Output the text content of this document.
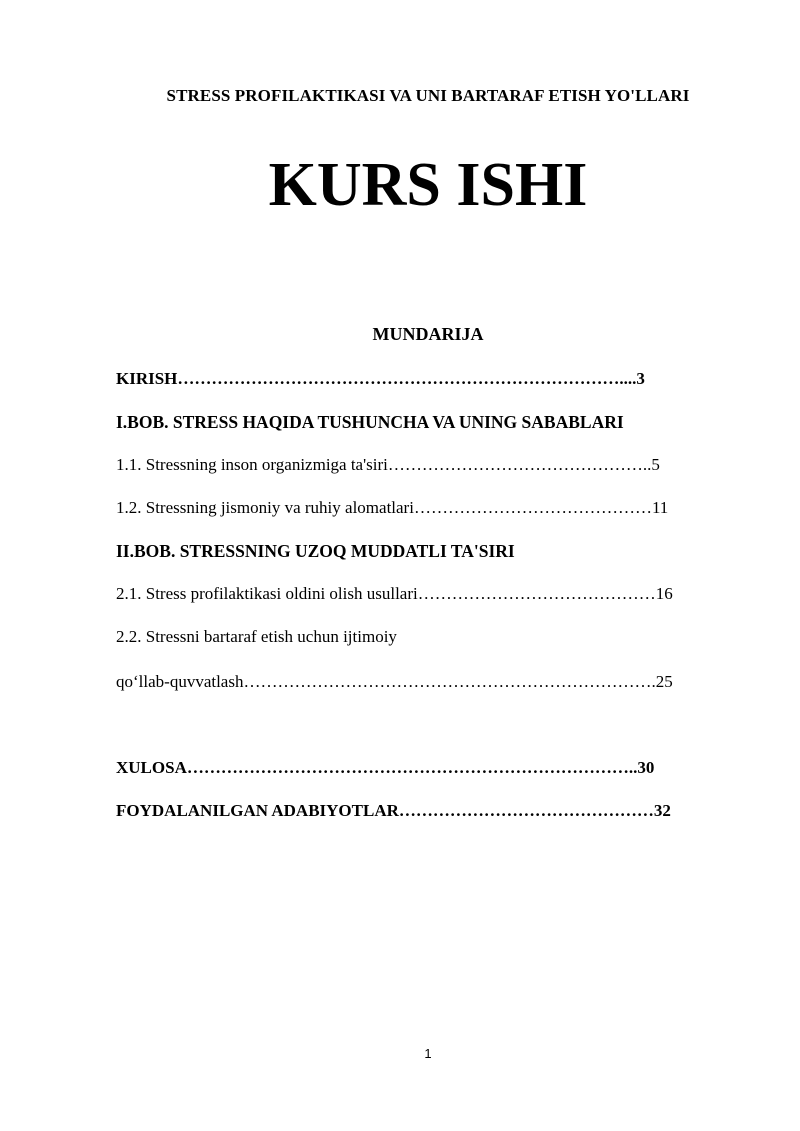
STRESS PROFILAKTIKASI VA UNI BARTARAF ETISH YO'LLARI
KURS ISHI
MUNDARIJA
KIRISH……………………………………………………………………....3
I.BOB. STRESS HAQIDA TUSHUNCHA VA UNING SABABLARI
1.1. Stressning inson organizmiga ta'siri………………………………………..5
1.2. Stressning jismoniy va ruhiy alomatlari……………………………………11
II.BOB. STRESSNING UZOQ MUDDATLI TA'SIRI
2.1. Stress profilaktikasi oldini olish usullari……………………………………16
2.2. Stressni bartaraf etish uchun ijtimoiy
qo‘llab-quvvatlash……………………………………………………………….25
XULOSA……………………………………………………………………..30
FOYDALANILGAN ADABIYOTLAR………………………………………32
1
